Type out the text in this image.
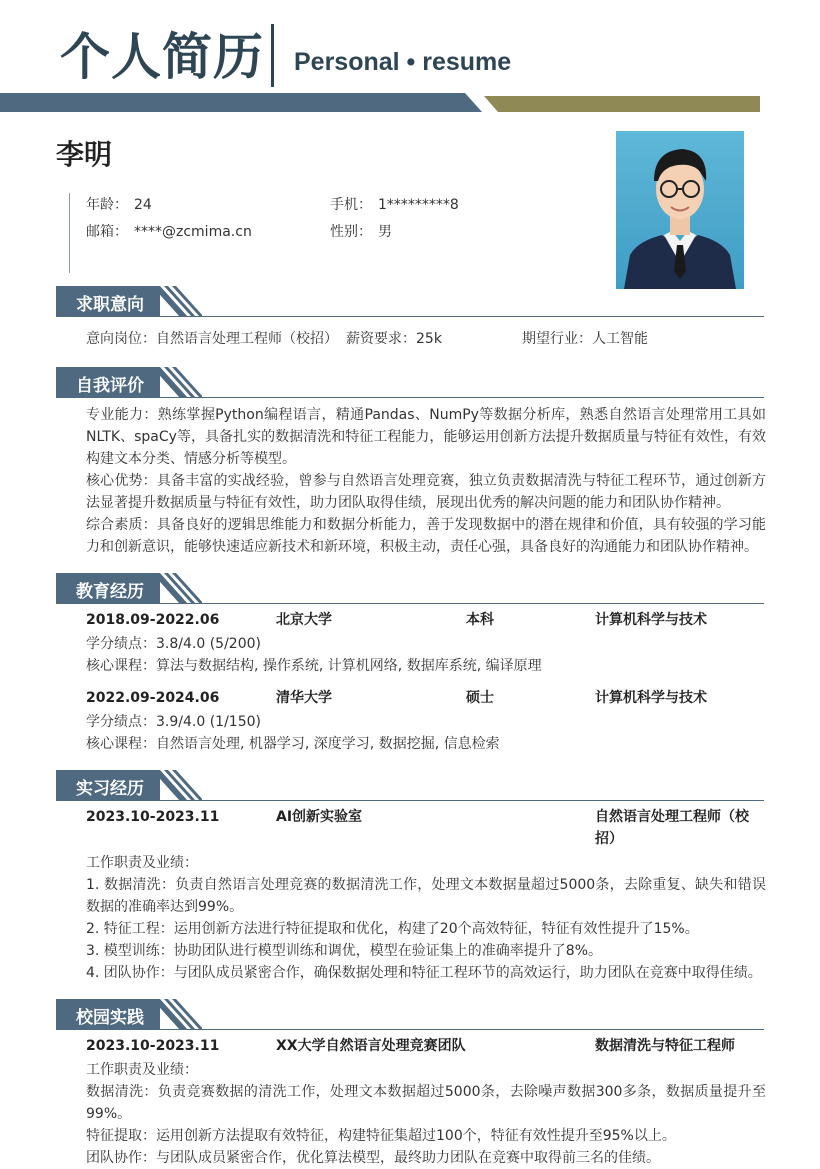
个人简历 Personal • resume
李明
年龄： 24	手机： 1*********8
邮箱： ****@zcmima.cn	性别： 男
求职意向
意向岗位：自然语言处理工程师（校招） 薪资要求：25k	期望行业：人工智能
自我评价
专业能力：熟练掌握Python编程语言，精通Pandas、NumPy等数据分析库，熟悉自然语言处理常用工具如NLTK、spaCy等，具备扎实的数据清洗和特征工程能力，能够运用创新方法提升数据质量与特征有效性，有效构建文本分类、情感分析等模型。
核心优势：具备丰富的实战经验，曾参与自然语言处理竞赛，独立负责数据清洗与特征工程环节，通过创新方法显著提升数据质量与特征有效性，助力团队取得佳绩，展现出优秀的解决问题的能力和团队协作精神。
综合素质：具备良好的逻辑思维能力和数据分析能力，善于发现数据中的潜在规律和价值，具有较强的学习能力和创新意识，能够快速适应新技术和新环境，积极主动，责任心强，具备良好的沟通能力和团队协作精神。
教育经历
2018.09-2022.06	北京大学	本科	计算机科学与技术
学分绩点：3.8/4.0 (5/200)
核心课程：算法与数据结构, 操作系统, 计算机网络, 数据库系统, 编译原理
2022.09-2024.06	清华大学	硕士	计算机科学与技术
学分绩点：3.9/4.0 (1/150)
核心课程：自然语言处理, 机器学习, 深度学习, 数据挖掘, 信息检索
实习经历
2023.10-2023.11	AI创新实验室	自然语言处理工程师（校
招）
工作职责及业绩：
1. 数据清洗：负责自然语言处理竞赛的数据清洗工作，处理文本数据量超过5000条，去除重复、缺失和错误数据的准确率达到99%。
2. 特征工程：运用创新方法进行特征提取和优化，构建了20个高效特征，特征有效性提升了15%。
3. 模型训练：协助团队进行模型训练和调优，模型在验证集上的准确率提升了8%。
4. 团队协作：与团队成员紧密合作，确保数据处理和特征工程环节的高效运行，助力团队在竞赛中取得佳绩。
校园实践
2023.10-2023.11	XX大学自然语言处理竞赛团队	数据清洗与特征工程师
工作职责及业绩：
数据清洗：负责竞赛数据的清洗工作，处理文本数据超过5000条，去除噪声数据300多条，数据质量提升至99%。
特征提取：运用创新方法提取有效特征，构建特征集超过100个，特征有效性提升至95%以上。
团队协作：与团队成员紧密合作，优化算法模型，最终助力团队在竞赛中取得前三名的佳绩。
